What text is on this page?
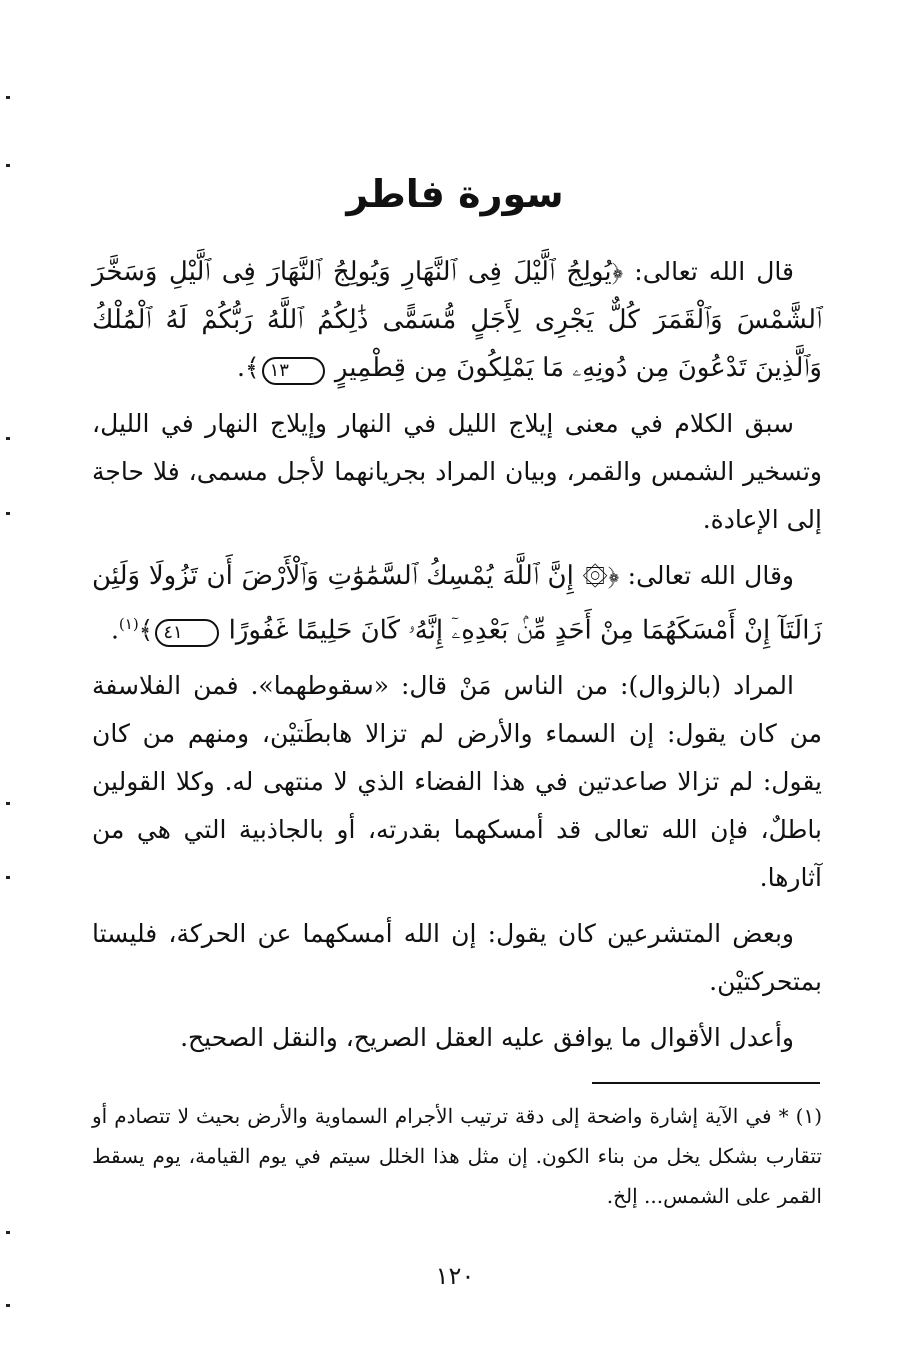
سورة فاطر

قال الله تعالى: ﴿يُولِجُ ٱلَّيْلَ فِى ٱلنَّهَارِ وَيُولِجُ ٱلنَّهَارَ فِى ٱلَّيْلِ وَسَخَّرَ ٱلشَّمْسَ وَٱلْقَمَرَ كُلٌّ يَجْرِى لِأَجَلٍ مُّسَمًّى ذَٰلِكُمُ ٱللَّهُ رَبُّكُمْ لَهُ ٱلْمُلْكُ وَٱلَّذِينَ تَدْعُونَ مِن دُونِهِۦ مَا يَمْلِكُونَ مِن قِطْمِيرٍ ١٣﴾.

سبق الكلام في معنى إيلاج الليل في النهار وإيلاج النهار في الليل، وتسخير الشمس والقمر، وبيان المراد بجريانهما لأجل مسمى، فلا حاجة إلى الإعادة.

وقال الله تعالى: ﴿۞ إِنَّ ٱللَّهَ يُمْسِكُ ٱلسَّمَٰوَٰتِ وَٱلْأَرْضَ أَن تَزُولَا وَلَئِن زَالَتَآ إِنْ أَمْسَكَهُمَا مِنْ أَحَدٍ مِّنۢ بَعْدِهِۦٓ إِنَّهُۥ كَانَ حَلِيمًا غَفُورًا ٤١﴾$^{(١)}$.

المراد (بالزوال): من الناس مَنْ قال: «سقوطهما». فمن الفلاسفة من كان يقول: إن السماء والأرض لم تزالا هابطَتيْن، ومنهم من كان يقول: لم تزالا صاعدتين في هذا الفضاء الذي لا منتهى له. وكلا القولين باطلٌ، فإن الله تعالى قد أمسكهما بقدرته، أو بالجاذبية التي هي من آثارها.

وبعض المتشرعين كان يقول: إن الله أمسكهما عن الحركة، فليستا بمتحركتيْن.

وأعدل الأقوال ما يوافق عليه العقل الصريح، والنقل الصحيح.

(١) * في الآية إشارة واضحة إلى دقة ترتيب الأجرام السماوية والأرض بحيث لا تتصادم أو تتقارب بشكل يخل من بناء الكون. إن مثل هذا الخلل سيتم في يوم القيامة، يوم يسقط القمر على الشمس... إلخ.

١٢٠
